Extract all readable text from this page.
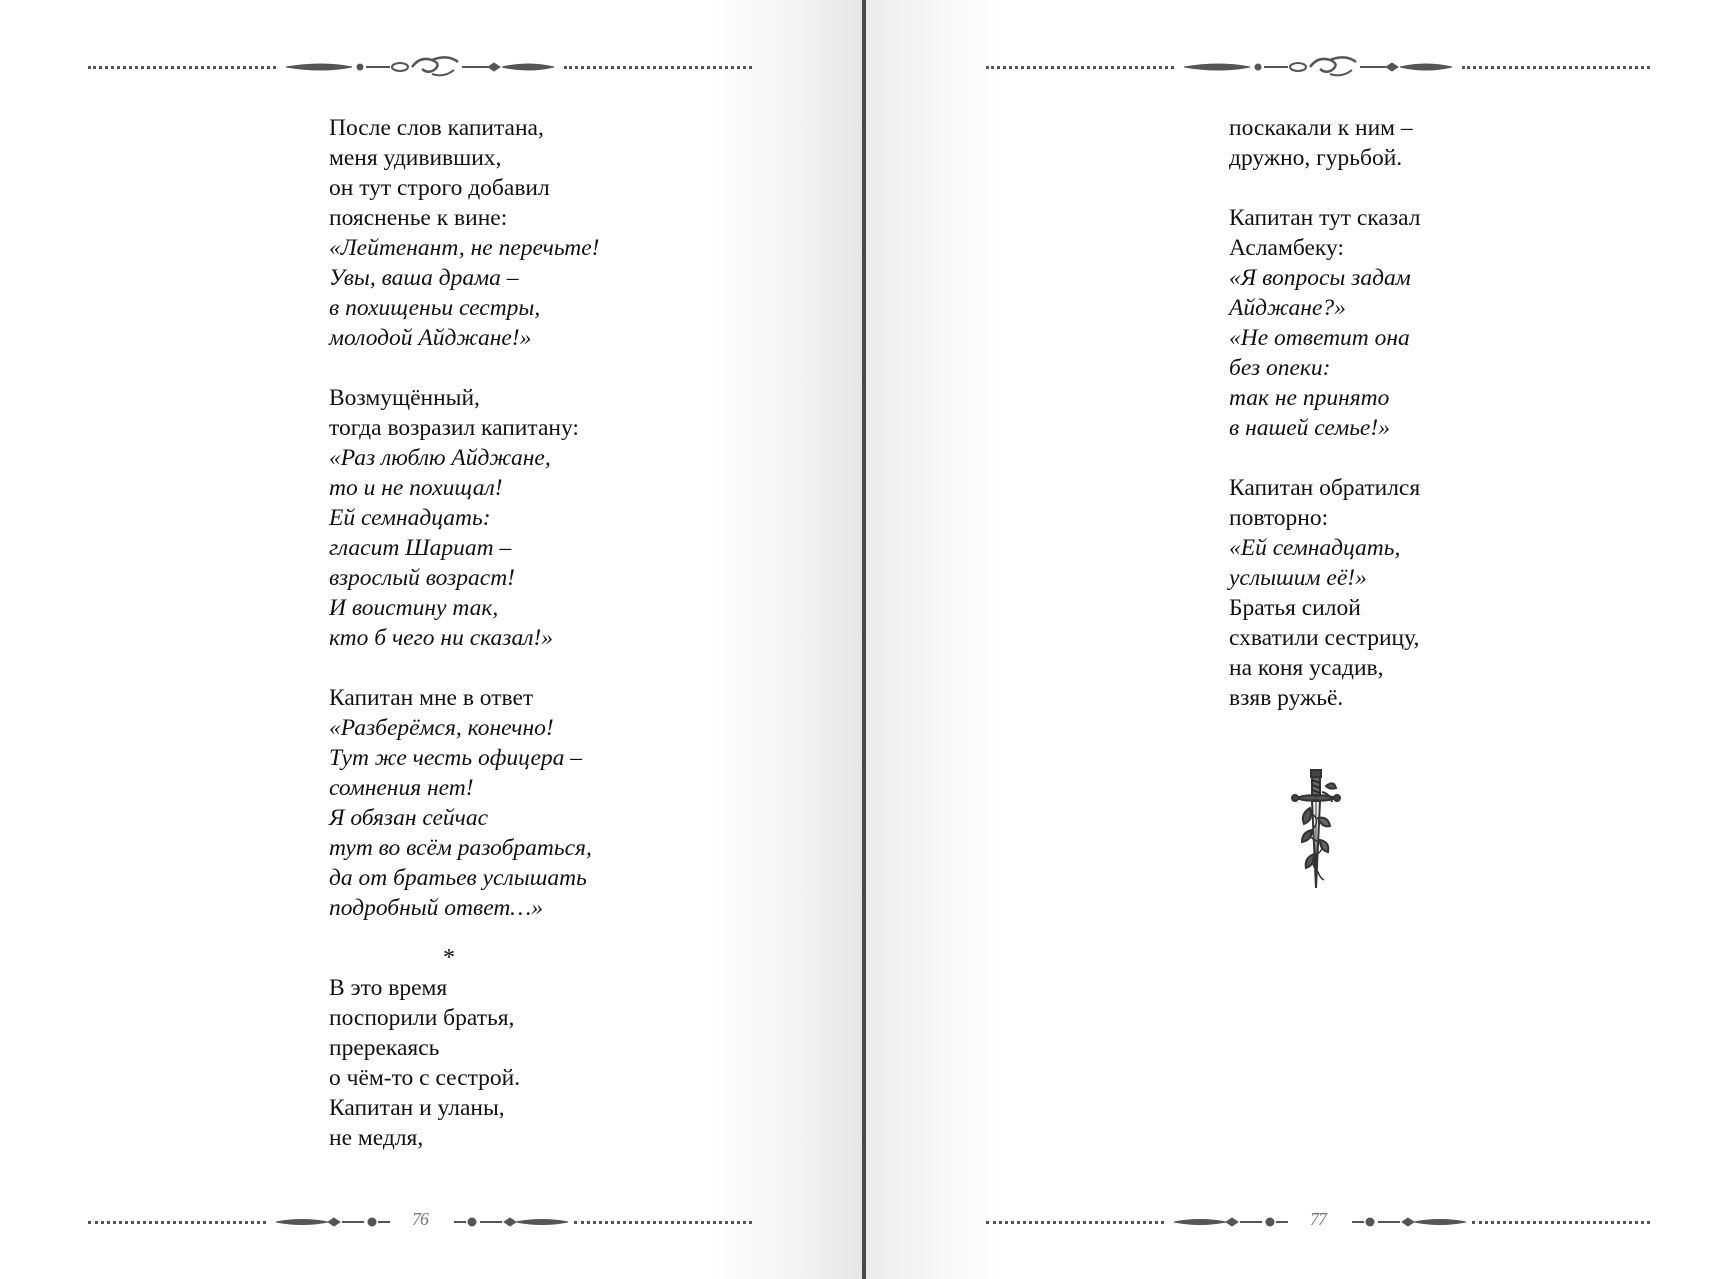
После слов капитана,
меня удививших,
он тут строго добавил
поясненье к вине:
«Лейтенант, не перечьте!
Увы, ваша драма –
в похищеньи сестры,
молодой Айджане!»
Возмущённый,
тогда возразил капитану:
«Раз люблю Айджане,
то и не похищал!
Ей семнадцать:
гласит Шариат –
взрослый возраст!
И воистину так,
кто б чего ни сказал!»
Капитан мне в ответ
«Разберёмся, конечно!
Тут же честь офицера –
сомнения нет!
Я обязан сейчас
тут во всём разобраться,
да от братьев услышать
подробный ответ…»
*
В это время
поспорили братья,
пререкаясь
о чём-то с сестрой.
Капитан и уланы,
не медля,
76
поскакали к ним –
дружно, гурьбой.
Капитан тут сказал
Асламбеку:
«Я вопросы задам
Айджане?»
«Не ответит она
без опеки:
так не принято
в нашей семье!»
Капитан обратился
повторно:
«Ей семнадцать,
услышим её!»
Братья силой
схватили сестрицу,
на коня усадив,
взяв ружьё.
77
